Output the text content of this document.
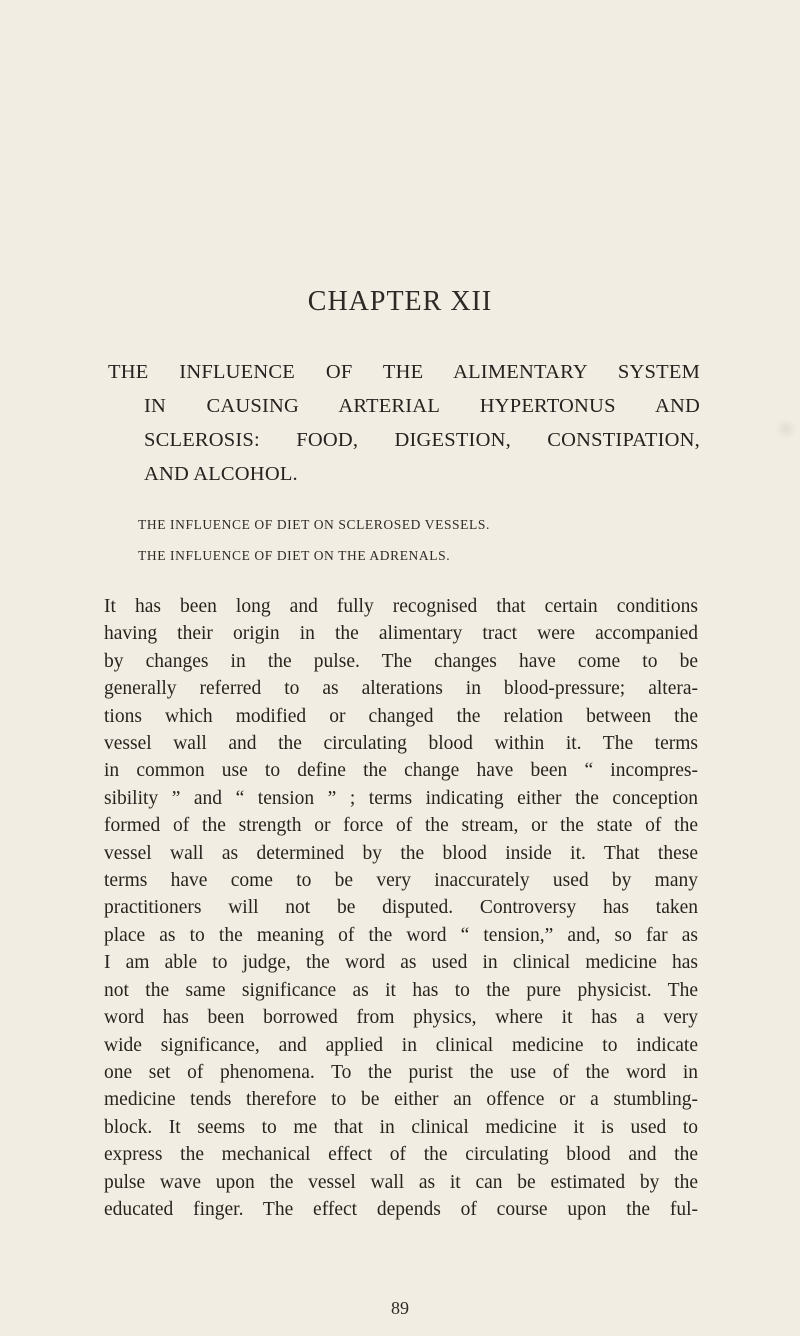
CHAPTER XII
THE INFLUENCE OF THE ALIMENTARY SYSTEM
IN CAUSING ARTERIAL HYPERTONUS AND
SCLEROSIS: FOOD, DIGESTION, CONSTIPATION,
AND ALCOHOL.
THE INFLUENCE OF DIET ON SCLEROSED VESSELS.
THE INFLUENCE OF DIET ON THE ADRENALS.
It has been long and fully recognised that certain conditions
having their origin in the alimentary tract were accompanied
by changes in the pulse. The changes have come to be
generally referred to as alterations in blood-pressure; altera-
tions which modified or changed the relation between the
vessel wall and the circulating blood within it. The terms
in common use to define the change have been “ incompres-
sibility ” and “ tension ” ; terms indicating either the conception
formed of the strength or force of the stream, or the state of the
vessel wall as determined by the blood inside it. That these
terms have come to be very inaccurately used by many
practitioners will not be disputed. Controversy has taken
place as to the meaning of the word “ tension,” and, so far as
I am able to judge, the word as used in clinical medicine has
not the same significance as it has to the pure physicist. The
word has been borrowed from physics, where it has a very
wide significance, and applied in clinical medicine to indicate
one set of phenomena. To the purist the use of the word in
medicine tends therefore to be either an offence or a stumbling-
block. It seems to me that in clinical medicine it is used to
express the mechanical effect of the circulating blood and the
pulse wave upon the vessel wall as it can be estimated by the
educated finger. The effect depends of course upon the ful-
89
